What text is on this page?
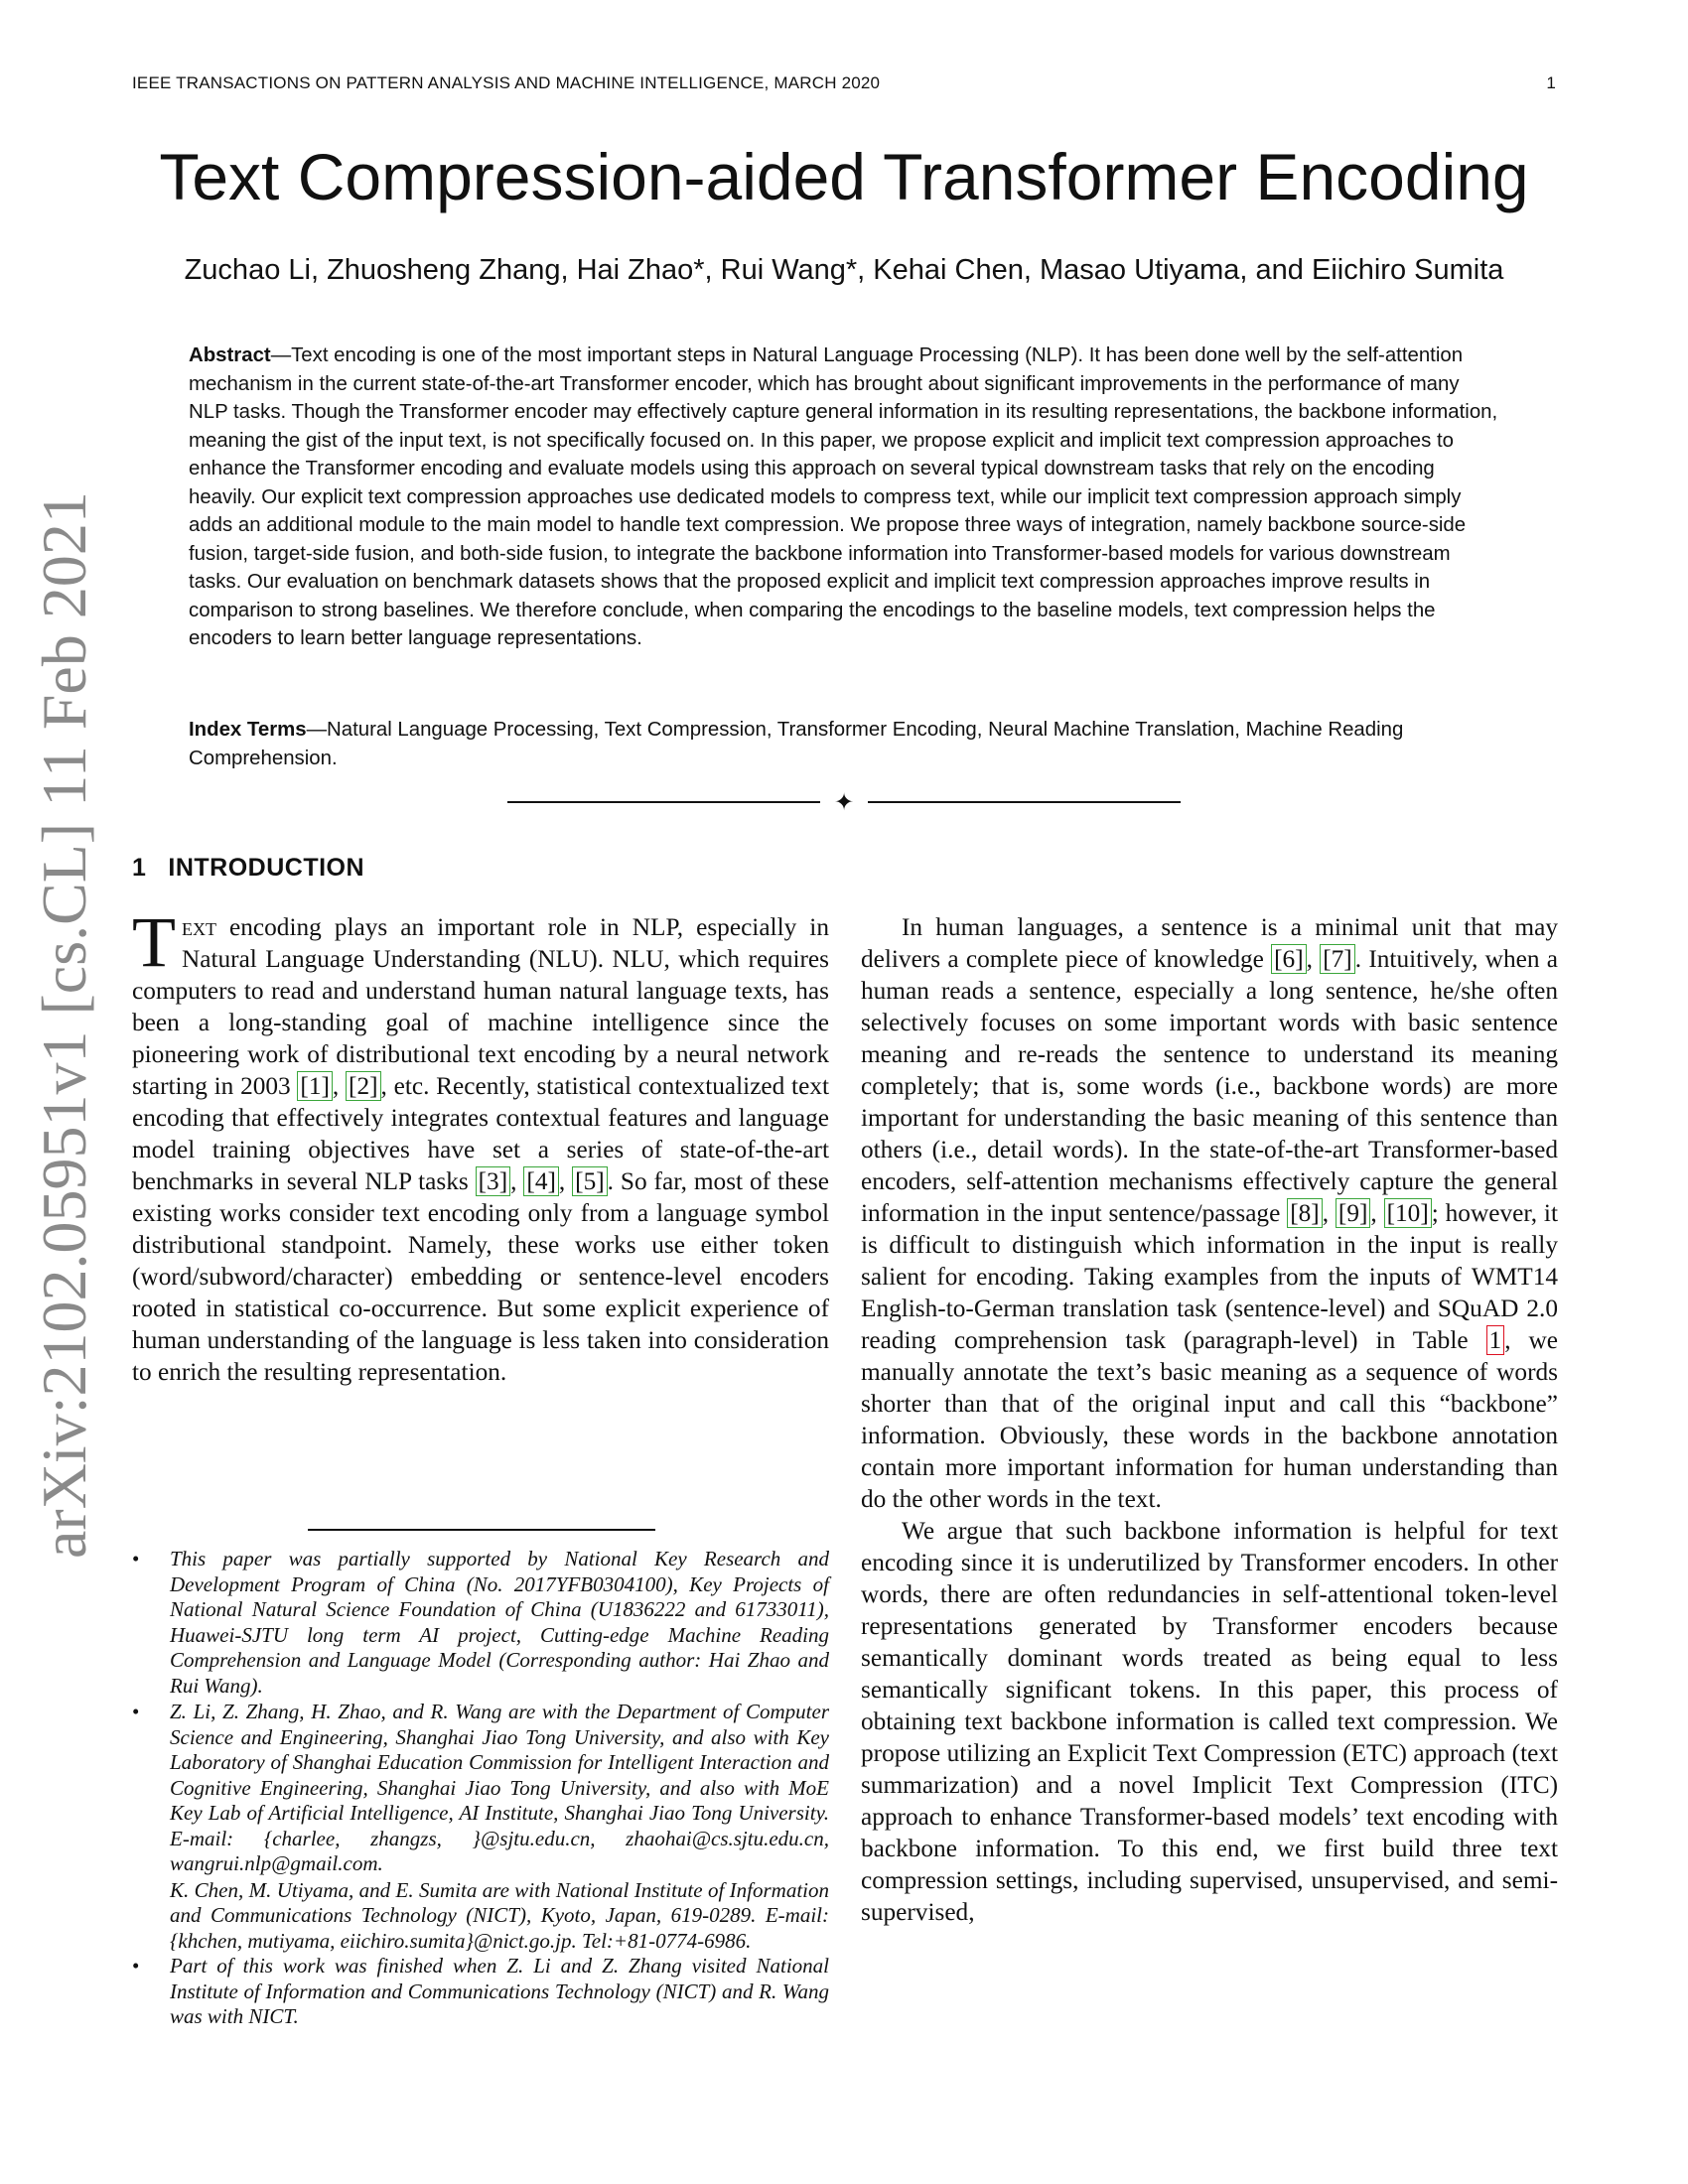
IEEE TRANSACTIONS ON PATTERN ANALYSIS AND MACHINE INTELLIGENCE, MARCH 2020	1
arXiv:2102.05951v1 [cs.CL] 11 Feb 2021
Text Compression-aided Transformer Encoding
Zuchao Li, Zhuosheng Zhang, Hai Zhao*, Rui Wang*, Kehai Chen, Masao Utiyama, and Eiichiro Sumita
Abstract—Text encoding is one of the most important steps in Natural Language Processing (NLP). It has been done well by the self-attention mechanism in the current state-of-the-art Transformer encoder, which has brought about significant improvements in the performance of many NLP tasks. Though the Transformer encoder may effectively capture general information in its resulting representations, the backbone information, meaning the gist of the input text, is not specifically focused on. In this paper, we propose explicit and implicit text compression approaches to enhance the Transformer encoding and evaluate models using this approach on several typical downstream tasks that rely on the encoding heavily. Our explicit text compression approaches use dedicated models to compress text, while our implicit text compression approach simply adds an additional module to the main model to handle text compression. We propose three ways of integration, namely backbone source-side fusion, target-side fusion, and both-side fusion, to integrate the backbone information into Transformer-based models for various downstream tasks. Our evaluation on benchmark datasets shows that the proposed explicit and implicit text compression approaches improve results in comparison to strong baselines. We therefore conclude, when comparing the encodings to the baseline models, text compression helps the encoders to learn better language representations.
Index Terms—Natural Language Processing, Text Compression, Transformer Encoding, Neural Machine Translation, Machine Reading Comprehension.
✦
1 INTRODUCTION

Text encoding plays an important role in NLP, especially in Natural Language Understanding (NLU). NLU, which requires computers to read and understand human natural language texts, has been a long-standing goal of machine intelligence since the pioneering work of distributional text encoding by a neural network starting in 2003 [1] , [2] , etc. Recently, statistical contextualized text encoding that effectively integrates contextual features and language model training objectives have set a series of state-of-the-art benchmarks in several NLP tasks [3] , [4] , [5] . So far, most of these existing works consider text encoding only from a language symbol distributional standpoint. Namely, these works use either token (word/subword/character) embedding or sentence-level encoders rooted in statistical co-occurrence. But some explicit experience of human understanding of the language is less taken into consideration to enrich the resulting representation.

• This paper was partially supported by National Key Research and Development Program of China (No. 2017YFB0304100), Key Projects of National Natural Science Foundation of China (U1836222 and 61733011), Huawei-SJTU long term AI project, Cutting-edge Machine Reading Comprehension and Language Model (Corresponding author: Hai Zhao and Rui Wang).
• Z. Li, Z. Zhang, H. Zhao, and R. Wang are with the Department of Computer Science and Engineering, Shanghai Jiao Tong University, and also with Key Laboratory of Shanghai Education Commission for Intelligent Interaction and Cognitive Engineering, Shanghai Jiao Tong University, and also with MoE Key Lab of Artificial Intelligence, AI Institute, Shanghai Jiao Tong University. E-mail: {charlee, zhangzs, }@sjtu.edu.cn, zhaohai@cs.sjtu.edu.cn, wangrui.nlp@gmail.com.
K. Chen, M. Utiyama, and E. Sumita are with National Institute of Information and Communications Technology (NICT), Kyoto, Japan, 619-0289. E-mail: {khchen, mutiyama, eiichiro.sumita}@nict.go.jp. Tel:+81-0774-6986.
• Part of this work was finished when Z. Li and Z. Zhang visited National Institute of Information and Communications Technology (NICT) and R. Wang was with NICT.

In human languages, a sentence is a minimal unit that may delivers a complete piece of knowledge [6] , [7] . Intuitively, when a human reads a sentence, especially a long sentence, he/she often selectively focuses on some important words with basic sentence meaning and re-reads the sentence to understand its meaning completely; that is, some words (i.e., backbone words) are more important for understanding the basic meaning of this sentence than others (i.e., detail words). In the state-of-the-art Transformer-based encoders, self-attention mechanisms effectively capture the general information in the input sentence/passage [8] , [9] , [10] ; however, it is difficult to distinguish which information in the input is really salient for encoding. Taking examples from the inputs of WMT14 English-to-German translation task (sentence-level) and SQuAD 2.0 reading comprehension task (paragraph-level) in Table 1 , we manually annotate the text’s basic meaning as a sequence of words shorter than that of the original input and call this “backbone” information. Obviously, these words in the backbone annotation contain more important information for human understanding than do the other words in the text.

We argue that such backbone information is helpful for text encoding since it is underutilized by Transformer encoders. In other words, there are often redundancies in self-attentional token-level representations generated by Transformer encoders because semantically dominant words treated as being equal to less semantically significant tokens. In this paper, this process of obtaining text backbone information is called text compression. We propose utilizing an Explicit Text Compression (ETC) approach (text summarization) and a novel Implicit Text Compression (ITC) approach to enhance Transformer-based models’ text encoding with backbone information. To this end, we first build three text compression settings, including supervised, unsupervised, and semi-supervised,
